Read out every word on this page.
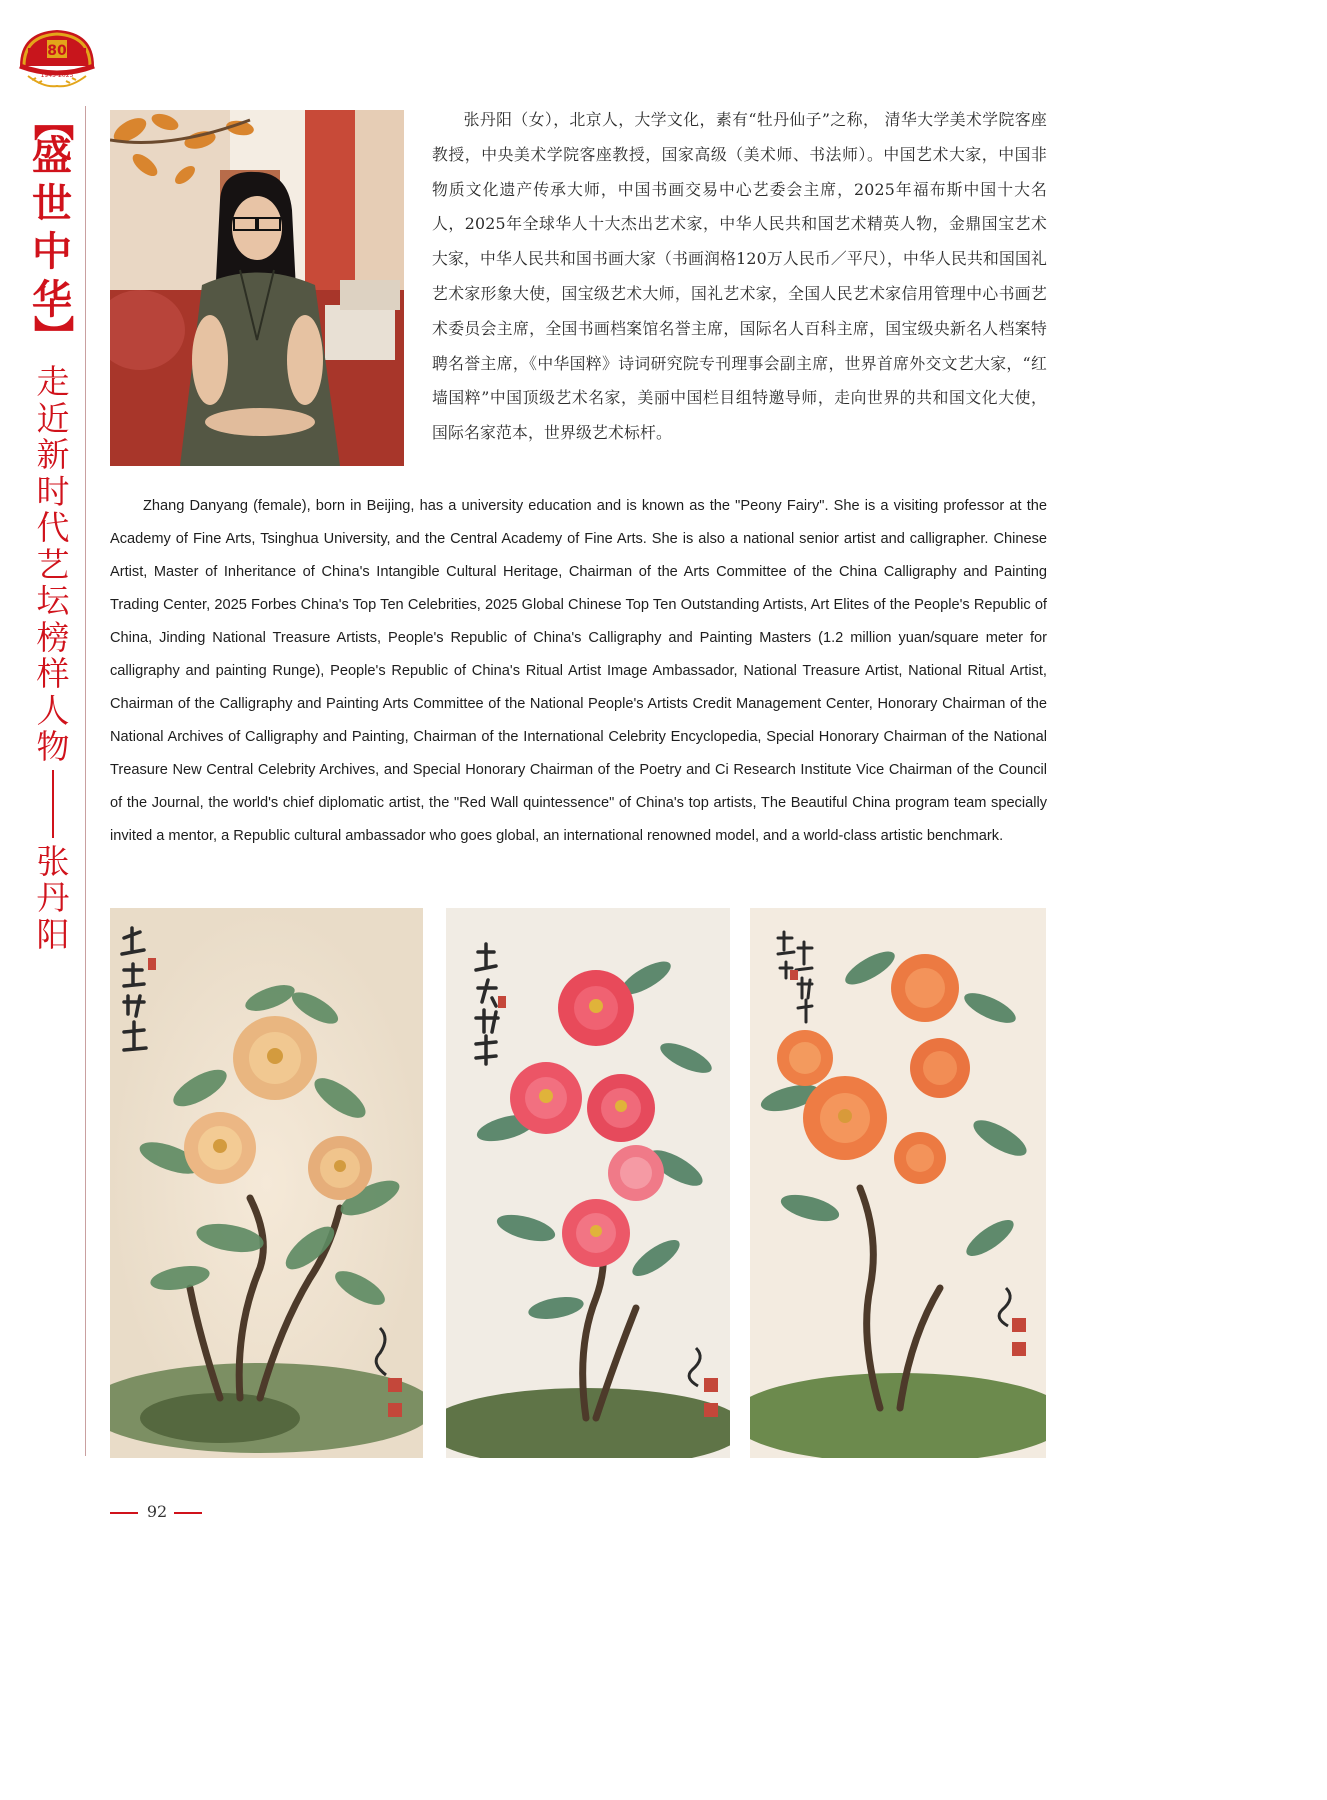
80
1945-2025
【
盛
世
中
华
】
走
近
新
时
代
艺
坛
榜
样
人
物
张
丹
阳

张丹阳（女），北京人，大学文化，素有“牡丹仙子”之称， 清华大学美术学院客座教授，中央美术学院客座教授，国家高级（美术师、书法师）。中国艺术大家，中国非物质文化遗产传承大师，中国书画交易中心艺委会主席，2025年福布斯中国十大名人，2025年全球华人十大杰出艺术家，中华人民共和国艺术精英人物，金鼎国宝艺术大家，中华人民共和国书画大家（书画润格120万人民币／平尺），中华人民共和国国礼艺术家形象大使，国宝级艺术大师，国礼艺术家，全国人民艺术家信用管理中心书画艺术委员会主席，全国书画档案馆名誉主席，国际名人百科主席，国宝级央新名人档案特聘名誉主席，《中华国粹》诗词研究院专刊理事会副主席，世界首席外交文艺大家，“红墙国粹”中国顶级艺术名家，美丽中国栏目组特邀导师，走向世界的共和国文化大使，国际名家范本，世界级艺术标杆。

Zhang Danyang (female), born in Beijing, has a university education and is known as the "Peony Fairy". She is a visiting professor at the Academy of Fine Arts, Tsinghua University, and the Central Academy of Fine Arts. She is also a national senior artist and calligrapher. Chinese Artist, Master of Inheritance of China's Intangible Cultural Heritage, Chairman of the Arts Committee of the China Calligraphy and Painting Trading Center, 2025 Forbes China's Top Ten Celebrities, 2025 Global Chinese Top Ten Outstanding Artists, Art Elites of the People's Republic of China, Jinding National Treasure Artists, People's Republic of China's Calligraphy and Painting Masters (1.2 million yuan/square meter for calligraphy and painting Runge), People's Republic of China's Ritual Artist Image Ambassador, National Treasure Artist, National Ritual Artist, Chairman of the Calligraphy and Painting Arts Committee of the National People's Artists Credit Management Center, Honorary Chairman of the National Archives of Calligraphy and Painting, Chairman of the International Celebrity Encyclopedia, Special Honorary Chairman of the National Treasure New Central Celebrity Archives, and Special Honorary Chairman of the Poetry and Ci Research Institute Vice Chairman of the Council of the Journal, the world's chief diplomatic artist, the "Red Wall quintessence" of China's top artists, The Beautiful China program team specially invited a mentor, a Republic cultural ambassador who goes global, an international renowned model, and a world-class artistic benchmark.

92
